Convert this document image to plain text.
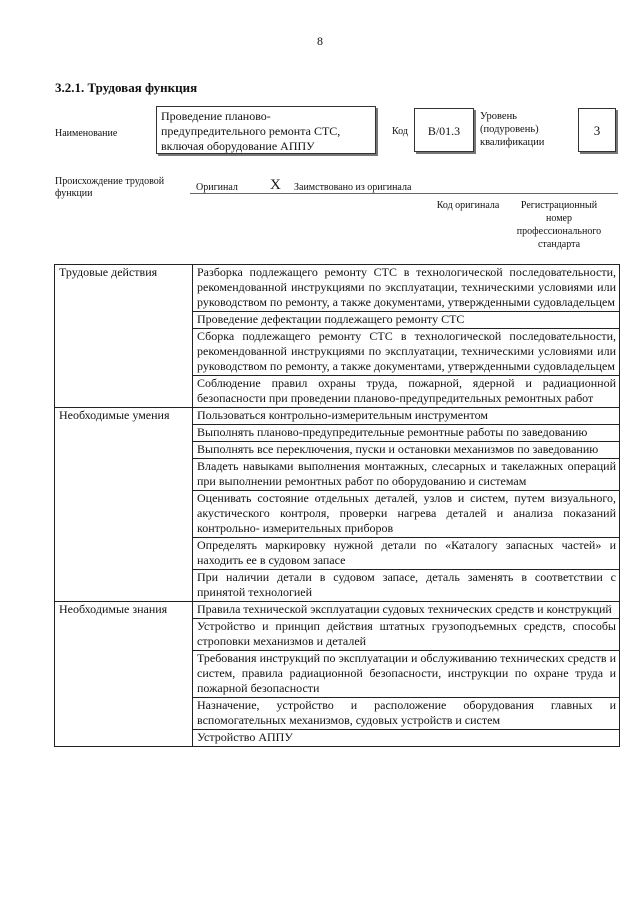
8
3.2.1. Трудовая функция
Наименование
Проведение планово-предупредительного ремонта СТС, включая оборудование АППУ
Код	B/01.3
Уровень (подуровень) квалификации
3
Происхождение трудовой функции
Оригинал X Заимствовано из оригинала
Код оригинала	Регистрационный номер профессионального стандарта
Трудовые действия	Разборка подлежащего ремонту СТС в технологической последовательности, рекомендованной инструкциями по эксплуатации, техническими условиями или руководством по ремонту, а также документами, утвержденными судовладельцем
	Проведение дефектации подлежащего ремонту СТС
	Сборка подлежащего ремонту СТС в технологической последовательности, рекомендованной инструкциями по эксплуатации, техническими условиями или руководством по ремонту, а также документами, утвержденными судовладельцем
	Соблюдение правил охраны труда, пожарной, ядерной и радиационной безопасности при проведении планово-предупредительных ремонтных работ
Необходимые умения	Пользоваться контрольно-измерительным инструментом
	Выполнять планово-предупредительные ремонтные работы по заведованию
	Выполнять все переключения, пуски и остановки механизмов по заведованию
	Владеть навыками выполнения монтажных, слесарных и такелажных операций при выполнении ремонтных работ по оборудованию и системам
	Оценивать состояние отдельных деталей, узлов и систем, путем визуального, акустического контроля, проверки нагрева деталей и анализа показаний контрольно- измерительных приборов
	Определять маркировку нужной детали по «Каталогу запасных частей» и находить ее в судовом запасе
	При наличии детали в судовом запасе, деталь заменять в соответствии с принятой технологией
Необходимые знания	Правила технической эксплуатации судовых технических средств и конструкций
	Устройство и принцип действия штатных грузоподъемных средств, способы строповки механизмов и деталей
	Требования инструкций по эксплуатации и обслуживанию технических средств и систем, правила радиационной безопасности, инструкции по охране труда и пожарной безопасности
	Назначение, устройство и расположение оборудования главных и вспомогательных механизмов, судовых устройств и систем
	Устройство АППУ
